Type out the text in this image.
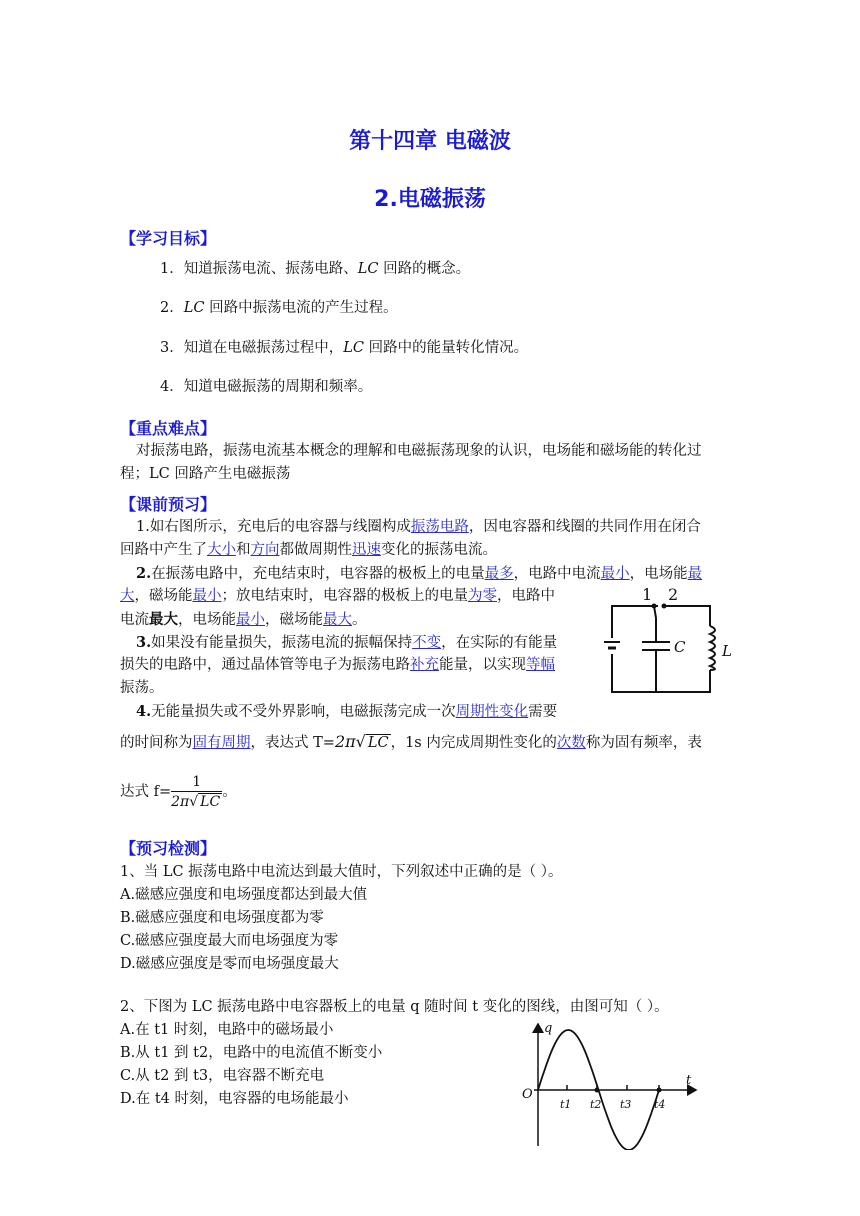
第十四章 电磁波
2.电磁振荡
【学习目标】
1．知道振荡电流、振荡电路、LC 回路的概念。
2．LC 回路中振荡电流的产生过程。
3．知道在电磁振荡过程中，LC 回路中的能量转化情况。
4．知道电磁振荡的周期和频率。
【重点难点】
对振荡电路，振荡电流基本概念的理解和电磁振荡现象的认识，电场能和磁场能的转化过
程；LC 回路产生电磁振荡
【课前预习】
1.如右图所示，充电后的电容器与线圈构成振荡电路，因电容器和线圈的共同作用在闭合
回路中产生了大小和方向都做周期性迅速变化的振荡电流。
2.在振荡电路中，充电结束时，电容器的极板上的电量最多，电路中电流最小，电场能最
大，磁场能最小；放电结束时，电容器的极板上的电量为零，电路中
电流最大，电场能最小，磁场能最大。
3.如果没有能量损失，振荡电流的振幅保持不变，在实际的有能量
损失的电路中，通过晶体管等电子为振荡电路补充能量，以实现等幅
振荡。
4.无能量损失或不受外界影响，电磁振荡完成一次周期性变化需要
的时间称为固有周期，表达式 T=2π√ LC ，1s 内完成周期性变化的次数称为固有频率，表
达式 $f= \frac{1}{2\pi√ LC}$ 。
1 2
C L
【预习检测】
1、当 LC 振荡电路中电流达到最大值时，下列叙述中正确的是（ ）。
A.磁感应强度和电场强度都达到最大值
B.磁感应强度和电场强度都为零
C.磁感应强度最大而电场强度为零
D.磁感应强度是零而电场强度最大
2、下图为 LC 振荡电路中电容器板上的电量 q 随时间 t 变化的图线，由图可知（ ）。
A.在 t1 时刻，电路中的磁场最小
B.从 t1 到 t2，电路中的电流值不断变小
C.从 t2 到 t3，电容器不断充电
D.在 t4 时刻，电容器的电场能最小
q
t
O
t1 t2 t3 t4
